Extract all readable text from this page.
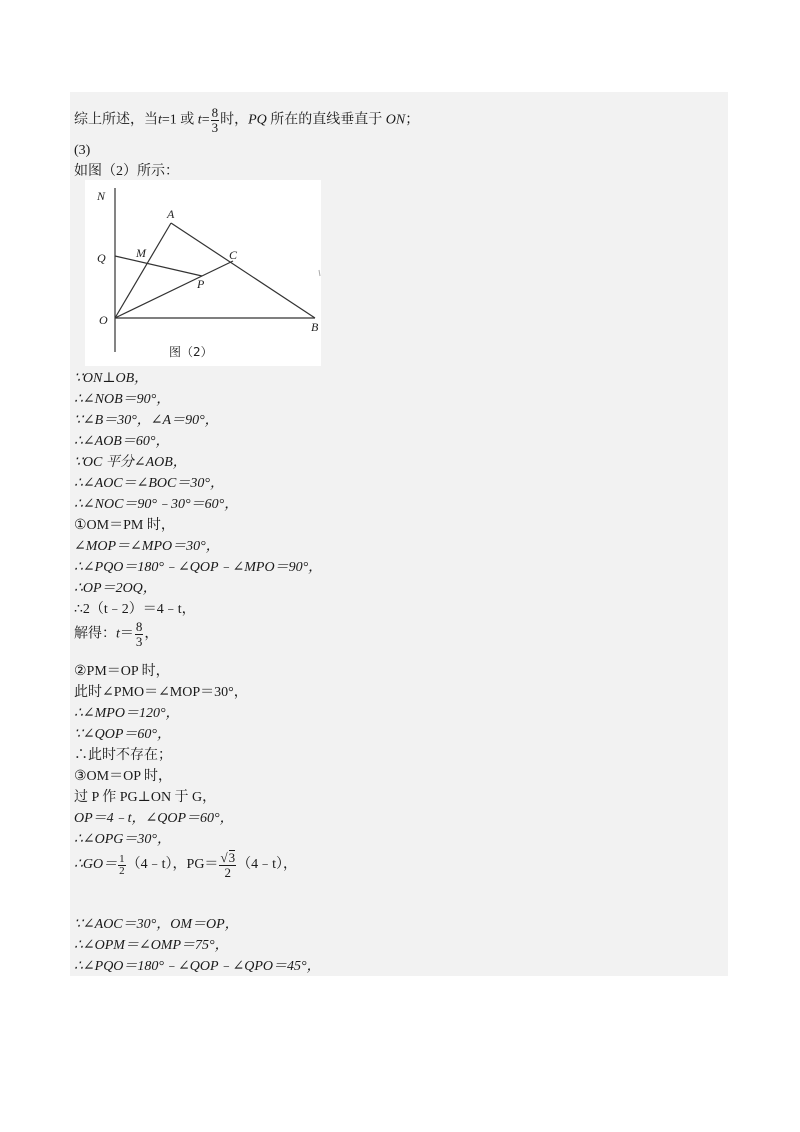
综上所述，当t=1 或 $t= \frac{8}{3}$ 时，PQ 所在的直线垂直于 ON；
(3)
如图（2）所示：
∵ON⊥OB，
∴∠NOB＝90°，
∵∠B＝30°，∠A＝90°，
∴∠AOB＝60°，
∵OC 平分∠AOB，
∴∠AOC＝∠BOC＝30°，
∴∠NOC＝90°﹣30°＝60°，
①OM＝PM 时，
∠MOP＝∠MPO＝30°，
∴∠PQO＝180°﹣∠QOP﹣∠MPO＝90°，
∴OP＝2OQ，
∴2（t﹣2）＝4﹣t，
解得：$t= \frac{8}{3}$ ，
②PM＝OP 时，
此时∠PMO＝∠MOP＝30°，
∴∠MPO＝120°，
∵∠QOP＝60°，
∴此时不存在；
③OM＝OP 时，
过 P 作 PG⊥ON 于 G，
OP＝4﹣t，∠QOP＝60°，
∴∠OPG＝30°，
∴GO＝ $\frac{1}{2}$ （4﹣t），$PG= \frac{√3}{2}$ （4﹣t），
∵∠AOC＝30°，OM＝OP，
∴∠OPM＝∠OMP＝75°，
∴∠PQO＝180°﹣∠QOP﹣∠QPO＝45°，
N
A
Q	M	C
P
O	B
图（2）
